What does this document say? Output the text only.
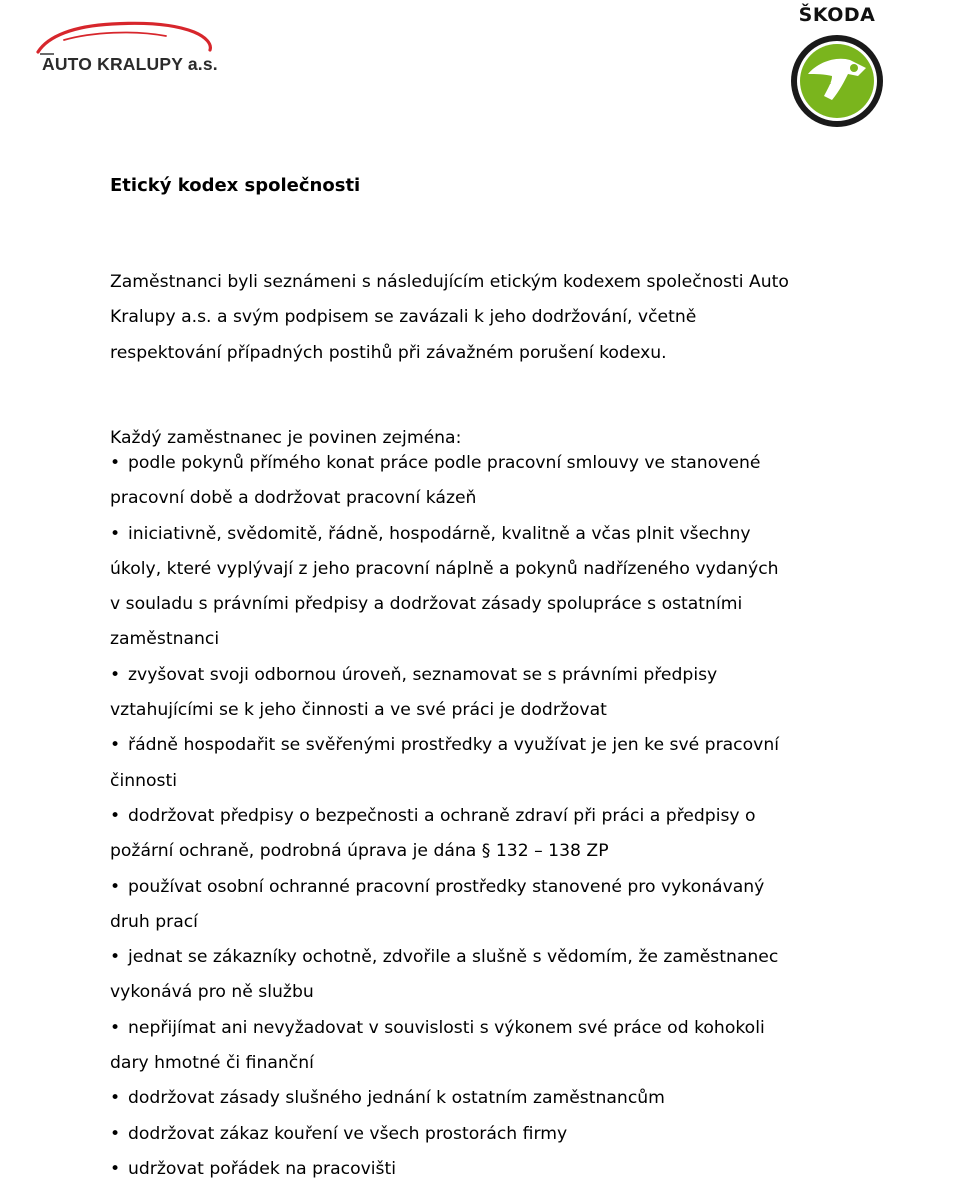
AUTO KRALUPY a.s.
ŠKODA
Etický kodex společnosti

Zaměstnanci byli seznámeni s následujícím etickým kodexem společnosti Auto
Kralupy a.s. a svým podpisem se zavázali k jeho dodržování, včetně
respektování případných postihů při závažném porušení kodexu.

Každý zaměstnanec je povinen zejména:

• podle pokynů přímého konat práce podle pracovní smlouvy ve stanovené
pracovní době a dodržovat pracovní kázeň
• iniciativně, svědomitě, řádně, hospodárně, kvalitně a včas plnit všechny
úkoly, které vyplývají z jeho pracovní náplně a pokynů nadřízeného vydaných
v souladu s právními předpisy a dodržovat zásady spolupráce s ostatními
zaměstnanci
• zvyšovat svoji odbornou úroveň, seznamovat se s právními předpisy
vztahujícími se k jeho činnosti a ve své práci je dodržovat
• řádně hospodařit se svěřenými prostředky a využívat je jen ke své pracovní
činnosti
• dodržovat předpisy o bezpečnosti a ochraně zdraví při práci a předpisy o
požární ochraně, podrobná úprava je dána § 132 – 138 ZP
• používat osobní ochranné pracovní prostředky stanovené pro vykonávaný
druh prací
• jednat se zákazníky ochotně, zdvořile a slušně s vědomím, že zaměstnanec
vykonává pro ně službu
• nepřijímat ani nevyžadovat v souvislosti s výkonem své práce od kohokoli
dary hmotné či finanční
• dodržovat zásady slušného jednání k ostatním zaměstnancům
• dodržovat zákaz kouření ve všech prostorách firmy
• udržovat pořádek na pracovišti
